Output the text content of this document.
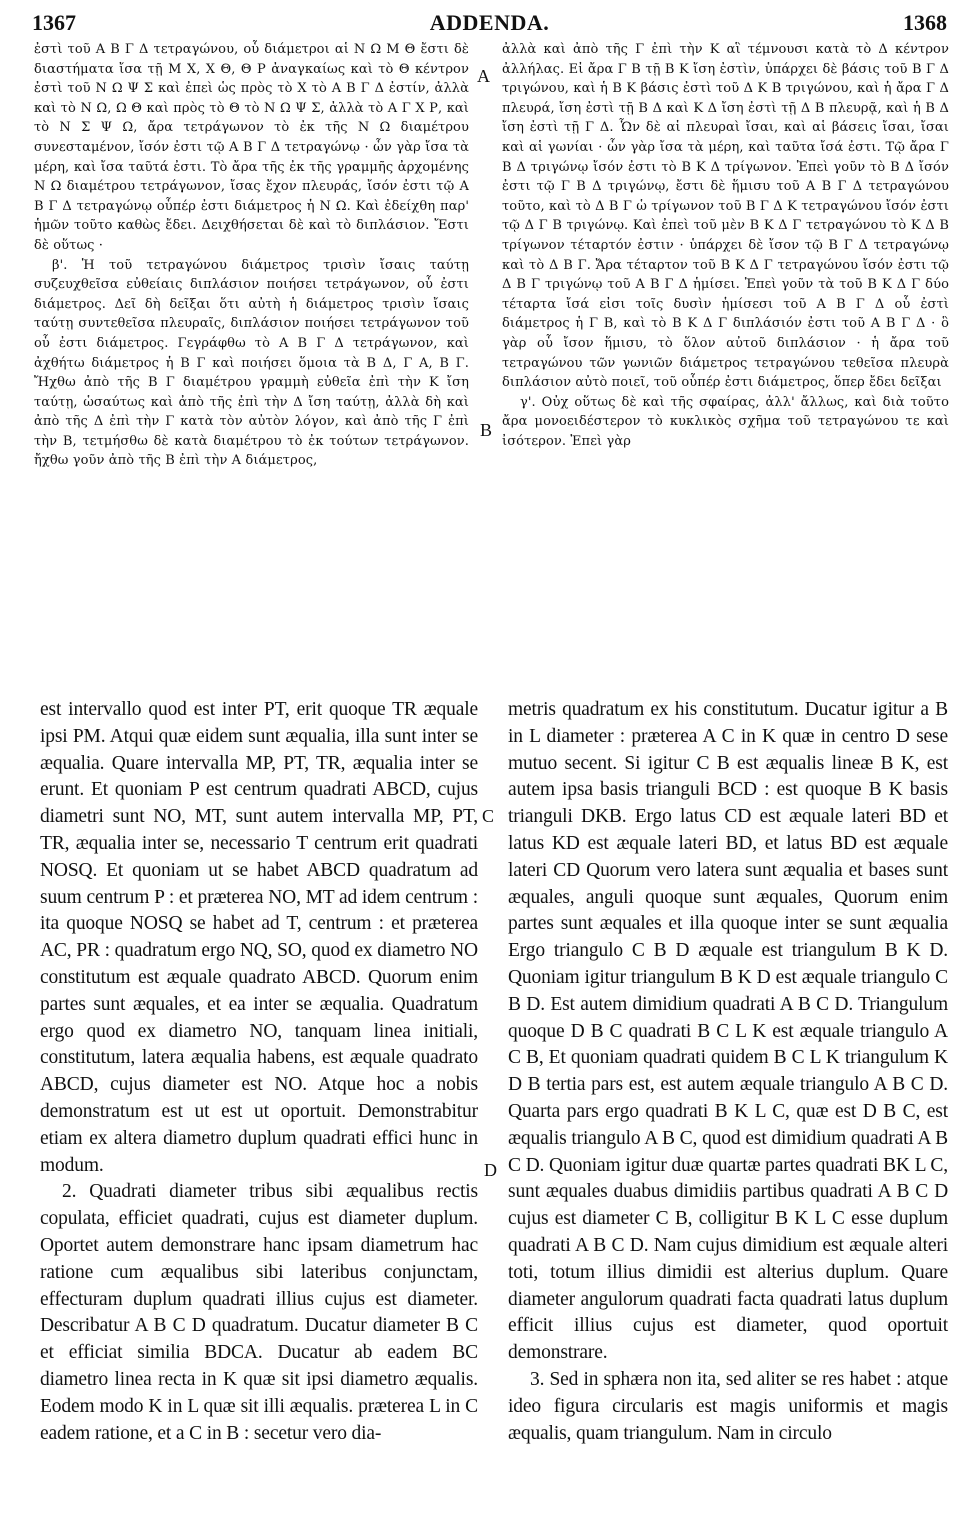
1367	ADDENDA.	1368

ἐστὶ τοῦ Α Β Γ Δ τετραγώνου, οὗ διάμετροι αἱ Ν Ω Μ Θ ἔστι δὲ διαστήματα ἴσα τῇ Μ Χ, Χ Θ, Θ Ρ ἀναγκαίως καὶ τὸ Θ κέντρον ἐστὶ τοῦ Ν Ω Ψ Σ καὶ ἐπεὶ ὡς πρὸς τὸ Χ τὸ Α Β Γ Δ ἐστίν, ἀλλὰ καὶ τὸ Ν Ω, Ω Θ καὶ πρὸς τὸ Θ τὸ Ν Ω Ψ Σ, ἀλλὰ τὸ Α Γ Χ Ρ, καὶ τὸ Ν Σ Ψ Ω, ἄρα τετράγωνον τὸ ἐκ τῆς Ν Ω διαμέτρου συνεσταμένον, ἴσόν ἐστι τῷ Α Β Γ Δ τετραγώνῳ · ὧν γὰρ ἴσα τὰ μέρη, καὶ ἴσα ταῦτά ἐστι. Τὸ ἄρα τῆς ἐκ τῆς γραμμῆς ἀρχομένης Ν Ω διαμέτρου τετράγωνον, ἴσας ἔχον πλευράς, ἴσόν ἐστι τῷ Α Β Γ Δ τετραγώνῳ οὗπέρ ἐστι διάμετρος ἡ Ν Ω. Καὶ ἐδείχθη παρ' ἡμῶν τοῦτο καθὼς ἔδει. Δειχθήσεται δὲ καὶ τὸ διπλάσιον. Ἔστι δὲ οὕτως ·

β'. Ἡ τοῦ τετραγώνου διάμετρος τρισὶν ἴσαις ταύτῃ συζευχθεῖσα εὐθείαις διπλάσιον ποιήσει τετράγωνον, οὗ ἐστι διάμετρος. Δεῖ δὴ δεῖξαι ὅτι αὐτὴ ἡ διάμετρος τρισὶν ἴσαις ταύτῃ συντεθεῖσα πλευραῖς, διπλάσιον ποιήσει τετράγωνον τοῦ οὗ ἐστι διάμετρος. Γεγράφθω τὸ Α Β Γ Δ τετράγωνον, καὶ ἀχθήτω διάμετρος ἡ Β Γ καὶ ποιήσει ὅμοια τὰ Β Δ, Γ Α, Β Γ. Ἤχθω ἀπὸ τῆς Β Γ διαμέτρου γραμμὴ εὐθεῖα ἐπὶ τὴν Κ ἴση ταύτῃ, ὡσαύτως καὶ ἀπὸ τῆς ἐπὶ τὴν Δ ἴση ταύτῃ, ἀλλὰ δὴ καὶ ἀπὸ τῆς Δ ἐπὶ τὴν Γ κατὰ τὸν αὐτὸν λόγον, καὶ ἀπὸ τῆς Γ ἐπὶ τὴν Β, τετμήσθω δὲ κατὰ διαμέτρου τὸ ἐκ τούτων τετράγωνον. ἤχθω γοῦν ἀπὸ τῆς Β ἐπὶ τὴν Α διάμετρος,

ἀλλὰ καὶ ἀπὸ τῆς Γ ἐπὶ τὴν Κ αἳ τέμνουσι κατὰ τὸ Δ κέντρον ἀλλήλας. Εἰ ἄρα Γ Β τῇ Β Κ ἴση ἐστὶν, ὑπάρχει δὲ βάσις τοῦ Β Γ Δ τριγώνου, καὶ ἡ Β Κ βάσις ἐστὶ τοῦ Δ Κ Β τριγώνου, καὶ ἡ ἄρα Γ Δ πλευρά, ἴση ἐστὶ τῇ Β Δ καὶ Κ Δ ἴση ἐστὶ τῇ Δ Β πλευρᾷ, καὶ ἡ Β Δ ἴση ἐστὶ τῇ Γ Δ. Ὧν δὲ αἱ πλευραὶ ἴσαι, καὶ αἱ βάσεις ἴσαι, ἴσαι καὶ αἱ γωνίαι · ὧν γὰρ ἴσα τὰ μέρη, καὶ ταῦτα ἴσά ἐστι. Τῷ ἄρα Γ Β Δ τριγώνῳ ἴσόν ἐστι τὸ Β Κ Δ τρίγωνον. Ἐπεὶ γοῦν τὸ Β Δ ἴσόν ἐστι τῷ Γ Β Δ τριγώνῳ, ἔστι δὲ ἥμισυ τοῦ Α Β Γ Δ τετραγώνου τοῦτο, καὶ τὸ Δ Β Γ ὡ τρίγωνον τοῦ Β Γ Δ Κ τετραγώνου ἴσόν ἐστι τῷ Δ Γ Β τριγώνῳ. Καὶ ἐπεὶ τοῦ μὲν Β Κ Δ Γ τετραγώνου τὸ Κ Δ Β τρίγωνον τέταρτόν ἐστιν · ὑπάρχει δὲ ἴσον τῷ Β Γ Δ τετραγώνῳ καὶ τὸ Δ Β Γ. Ἄρα τέταρτον τοῦ Β Κ Δ Γ τετραγώνου ἴσόν ἐστι τῷ Δ Β Γ τριγώνῳ τοῦ Α Β Γ Δ ἡμίσει. Ἐπεὶ γοῦν τὰ τοῦ Β Κ Δ Γ δύο τέταρτα ἴσά εἰσι τοῖς δυσὶν ἡμίσεσι τοῦ Α Β Γ Δ οὗ ἐστὶ διάμετρος ἡ Γ Β, καὶ τὸ Β Κ Δ Γ διπλάσιόν ἐστι τοῦ Α Β Γ Δ · ὃ γὰρ οὗ ἴσον ἥμισυ, τὸ ὅλον αὐτοῦ διπλάσιον · ἡ ἄρα τοῦ τετραγώνου τῶν γωνιῶν διάμετρος τετραγώνου τεθεῖσα πλευρὰ διπλάσιον αὐτὸ ποιεῖ, τοῦ οὗπέρ ἐστι διάμετρος, ὅπερ ἔδει δεῖξαι

γ'. Οὐχ οὕτως δὲ καὶ τῆς σφαίρας, ἀλλ' ἄλλως, καὶ διὰ τοῦτο ἄρα μονοειδέστερον τὸ κυκλικὸς σχῆμα τοῦ τετραγώνου τε καὶ ἰσότερον. Ἐπεὶ γὰρ

A
B
C
D

est intervallo quod est inter PT, erit quoque TR æquale ipsi PM. Atqui quæ eidem sunt æqualia, illa sunt inter se æqualia. Quare intervalla MP, PT, TR, æqualia inter se erunt. Et quoniam P est centrum quadrati ABCD, cujus diametri sunt NO, MT, sunt autem intervalla MP, PT, TR, æqualia inter se, necessario T centrum erit quadrati NOSQ. Et quoniam ut se habet ABCD quadratum ad suum centrum P : et præterea NO, MT ad idem centrum : ita quoque NOSQ se habet ad T, centrum : et præterea AC, PR : quadratum ergo NQ, SO, quod ex diametro NO constitutum est æquale quadrato ABCD. Quorum enim partes sunt æquales, et ea inter se æqualia. Quadratum ergo quod ex diametro NO, tanquam linea initiali, constitutum, latera æqualia habens, est æquale quadrato ABCD, cujus diameter est NO. Atque hoc a nobis demonstratum est ut est ut oportuit. Demonstrabitur etiam ex altera diametro duplum quadrati effici hunc in modum.

2. Quadrati diameter tribus sibi æqualibus rectis copulata, efficiet quadrati, cujus est diameter duplum. Oportet autem demonstrare hanc ipsam diametrum hac ratione cum æqualibus sibi lateribus conjunctam, effecturam duplum quadrati illius cujus est diameter. Describatur A B C D quadratum. Ducatur diameter B C et efficiat similia BDCA. Ducatur ab eadem BC diametro linea recta in K quæ sit ipsi diametro æqualis. Eodem modo K in L quæ sit illi æqualis. præterea L in C eadem ratione, et a C in B : secetur vero dia-

metris quadratum ex his constitutum. Ducatur igitur a B in L diameter : præterea A C in K quæ in centro D sese mutuo secent. Si igitur C B est æqualis lineæ B K, est autem ipsa basis trianguli BCD : est quoque B K basis trianguli DKB. Ergo latus CD est æquale lateri BD et latus KD est æquale lateri BD, et latus BD est æquale lateri CD Quorum vero latera sunt æqualia et bases sunt æquales, anguli quoque sunt æquales, Quorum enim partes sunt æquales et illa quoque inter se sunt æqualia Ergo triangulo C B D æquale est triangulum B K D. Quoniam igitur triangulum B K D est æquale triangulo C B D. Est autem dimidium quadrati A B C D. Triangulum quoque D B C quadrati B C L K est æquale triangulo A C B, Et quoniam quadrati quidem B C L K triangulum K D B tertia pars est, est autem æquale triangulo A B C D. Quarta pars ergo quadrati B K L C, quæ est D B C, est æqualis triangulo A B C, quod est dimidium quadrati A B C D. Quoniam igitur duæ quartæ partes quadrati BK L C, sunt æquales duabus dimidiis partibus quadrati A B C D cujus est diameter C B, colligitur B K L C esse duplum quadrati A B C D. Nam cujus dimidium est æquale alteri toti, totum illius dimidii est alterius duplum. Quare diameter angulorum quadrati facta quadrati latus duplum efficit illius cujus est diameter, quod oportuit demonstrare.

3. Sed in sphæra non ita, sed aliter se res habet : atque ideo figura circularis est magis uniformis et magis æqualis, quam triangulum. Nam in circulo
